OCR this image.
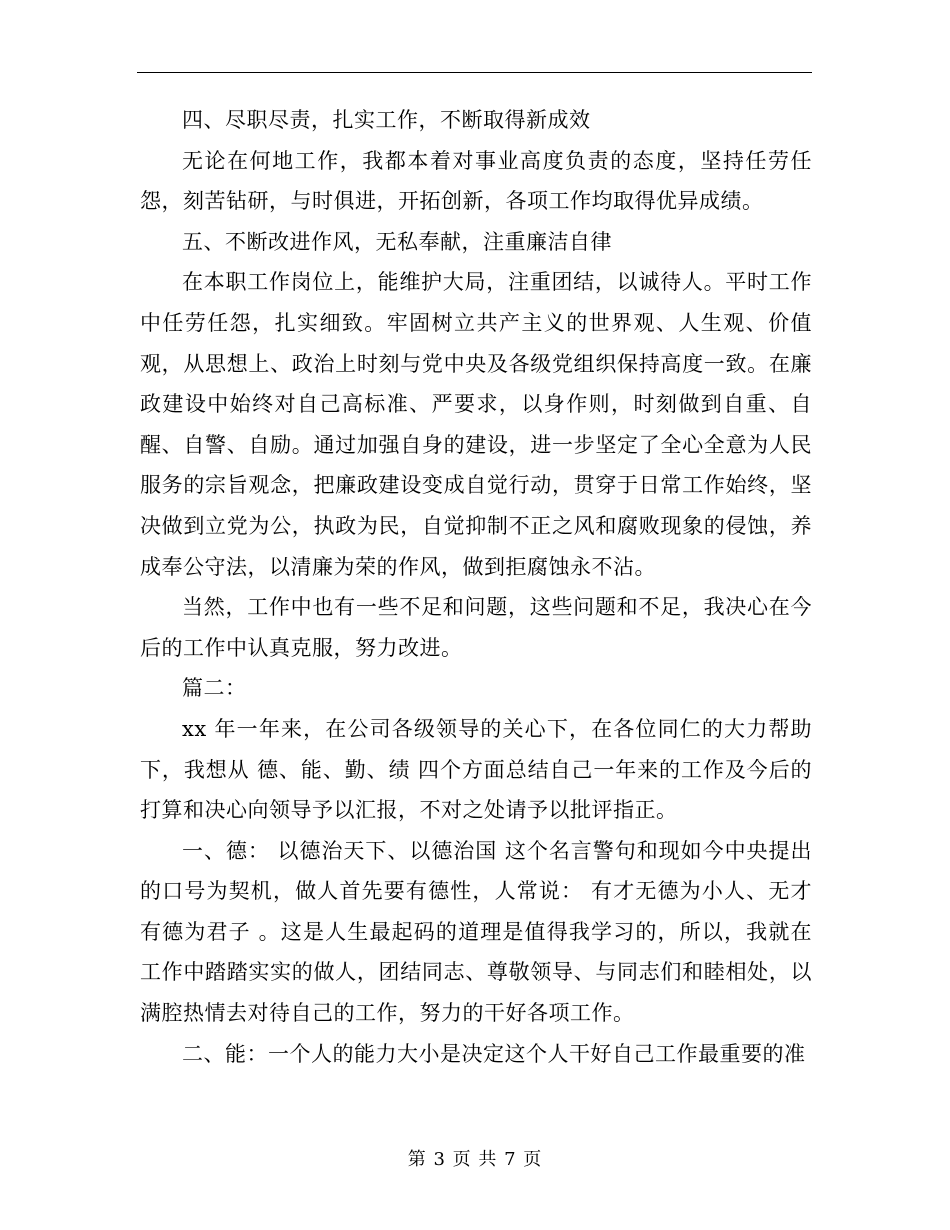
四、尽职尽责，扎实工作，不断取得新成效

无论在何地工作，我都本着对事业高度负责的态度，坚持任劳任怨，刻苦钻研，与时俱进，开拓创新，各项工作均取得优异成绩。

五、不断改进作风，无私奉献，注重廉洁自律

在本职工作岗位上，能维护大局，注重团结，以诚待人。平时工作中任劳任怨，扎实细致。牢固树立共产主义的世界观、人生观、价值观，从思想上、政治上时刻与党中央及各级党组织保持高度一致。在廉政建设中始终对自己高标准、严要求，以身作则，时刻做到自重、自醒、自警、自励。通过加强自身的建设，进一步坚定了全心全意为人民服务的宗旨观念，把廉政建设变成自觉行动，贯穿于日常工作始终，坚决做到立党为公，执政为民，自觉抑制不正之风和腐败现象的侵蚀，养成奉公守法，以清廉为荣的作风，做到拒腐蚀永不沾。

当然，工作中也有一些不足和问题，这些问题和不足，我决心在今后的工作中认真克服，努力改进。

篇二：

xx 年一年来，在公司各级领导的关心下，在各位同仁的大力帮助下，我想从 德、能、勤、绩 四个方面总结自己一年来的工作及今后的打算和决心向领导予以汇报，不对之处请予以批评指正。

一、德： 以德治天下、以德治国 这个名言警句和现如今中央提出的口号为契机，做人首先要有德性，人常说： 有才无德为小人、无才有德为君子 。这是人生最起码的道理是值得我学习的，所以，我就在工作中踏踏实实的做人，团结同志、尊敬领导、与同志们和睦相处，以满腔热情去对待自己的工作，努力的干好各项工作。

二、能：一个人的能力大小是决定这个人干好自己工作最重要的准

第 3 页 共 7 页
